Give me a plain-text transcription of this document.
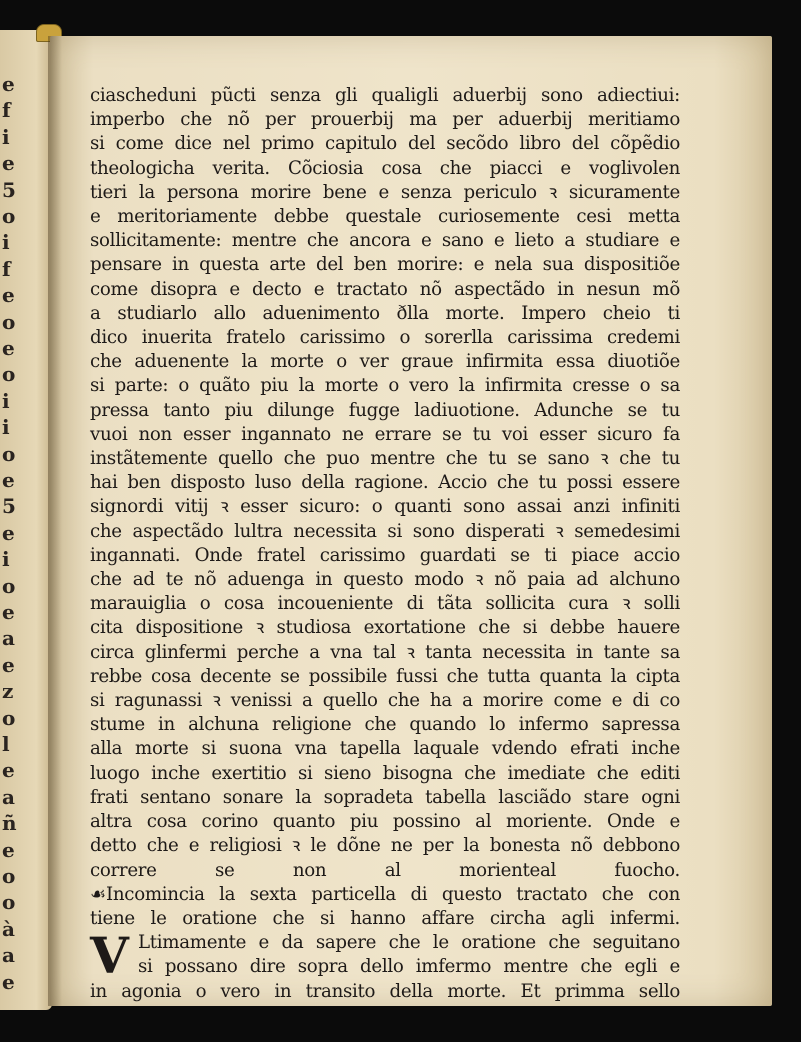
e
f
i
e
5
o
i
f
e
o
e
o
i
i
o
e
5
e
i
o
e
a
e
z
o
l
e
a
ñ
e
o
o
à
a
e
ciascheduni pũcti senza gli qualigli aduerbij sono adiectiui:
imperbo che nõ per prouerbij ma per aduerbij meritiamo
si come dice nel primo capitulo del secõdo libro del cõpẽdio
theologicha verita. Cõciosia cosa che piacci e voglivolen
tieri la persona morire bene e senza periculo ꝛ sicuramente
e meritoriamente debbe questale curiosemente cesi metta
sollicitamente: mentre che ancora e sano e lieto a studiare e
pensare in questa arte del ben morire: e nela sua dispositiõe
come disopra e decto e tractato nõ aspectãdo in nesun mõ
a studiarlo allo aduenimento ðlla morte. Impero cheio ti
dico inuerita fratelo carissimo o sorerlla carissima credemi
che aduenente la morte o ver graue infirmita essa diuotiõe
si parte: o quãto piu la morte o vero la infirmita cresse o sa
pressa tanto piu dilunge fugge ladiuotione. Adunche se tu
vuoi non esser ingannato ne errare se tu voi esser sicuro fa
instãtemente quello che puo mentre che tu se sano ꝛ che tu
hai ben disposto luso della ragione. Accio che tu possi essere
signordi vitij ꝛ esser sicuro: o quanti sono assai anzi infiniti
che aspectãdo lultra necessita si sono disperati ꝛ semedesimi
ingannati. Onde fratel carissimo guardati se ti piace accio
che ad te nõ aduenga in questo modo ꝛ nõ paia ad alchuno
marauiglia o cosa incoueniente di tãta sollicita cura ꝛ solli
cita dispositione ꝛ studiosa exortatione che si debbe hauere
circa glinfermi perche a vna tal ꝛ tanta necessita in tante sa
rebbe cosa decente se possibile fussi che tutta quanta la cipta
si ragunassi ꝛ venissi a quello che ha a morire come e di co
stume in alchuna religione che quando lo infermo sapressa
alla morte si suona vna tapella laquale vdendo efrati inche
luogo inche exertitio si sieno bisogna che imediate che editi
frati sentano sonare la sopradeta tabella lasciãdo stare ogni
altra cosa corino quanto piu possino al moriente. Onde e
detto che e religiosi ꝛ le dõne ne per la bonesta nõ debbono
correre se non al morienteal fuocho.
☙Incomincia la sexta particella di questo tractato che con
tiene le oratione che si hanno affare circha agli infermi.
V Ltimamente e da sapere che le oratione che seguitano
si possano dire sopra dello imfermo mentre che egli e
in agonia o vero in transito della morte. Et primma sello
